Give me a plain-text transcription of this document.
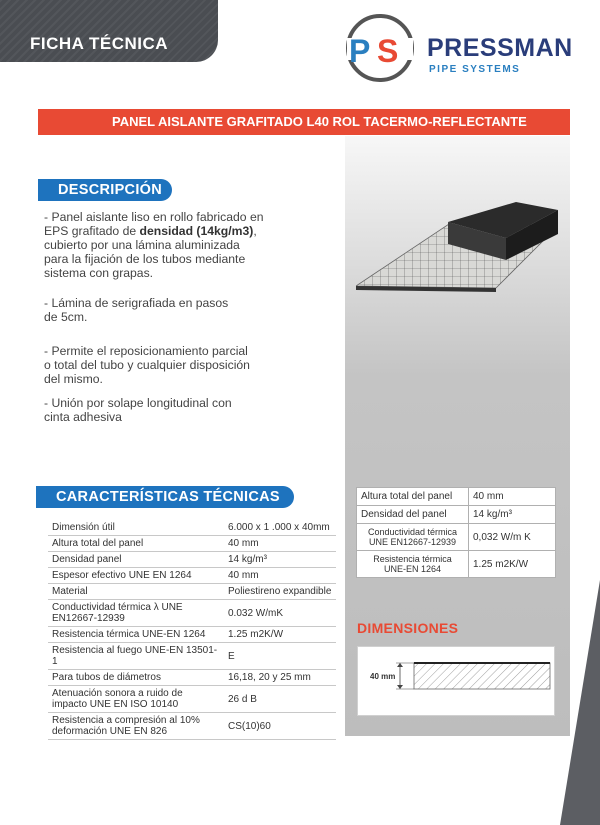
FICHA TÉCNICA	P S PRESSMAN
PIPE SYSTEMS
PANEL AISLANTE GRAFITADO L40 ROL TACERMO-REFLECTANTE
DESCRIPCIÓN
- Panel aislante liso en rollo fabricado en EPS grafitado de densidad (14kg/m3), cubierto por una lámina aluminizada para la fijación de los tubos mediante sistema con grapas.
- Lámina de serigrafiada en pasos de 5cm.
- Permite el reposicionamiento parcial o total del tubo y cualquier disposición del mismo.
- Unión por solape longitudinal con cinta adhesiva
CARACTERÍSTICAS TÉCNICAS
Dimensión útil	6.000 x 1 .000 x 40mm
Altura total del panel	40 mm
Densidad panel	14 kg/m³
Espesor efectivo UNE EN 1264	40 mm
Material	Poliestireno expandible
Conductividad térmica λ UNE EN12667-12939	0.032 W/mK
Resistencia térmica UNE-EN 1264	1.25 m2K/W
Resistencia al fuego UNE-EN 13501-1	E
Para tubos de diámetros	16,18, 20 y 25 mm
Atenuación sonora a ruido de impacto UNE EN ISO 10140	26 d B
Resistencia a compresión al 10% deformación UNE EN 826	CS(10)60
Altura total del panel	40 mm
Densidad del panel	14 kg/m³
Conductividad térmica UNE EN12667-12939	0,032 W/m K
Resistencia térmica UNE-EN 1264	1.25 m2K/W
DIMENSIONES
40 mm
